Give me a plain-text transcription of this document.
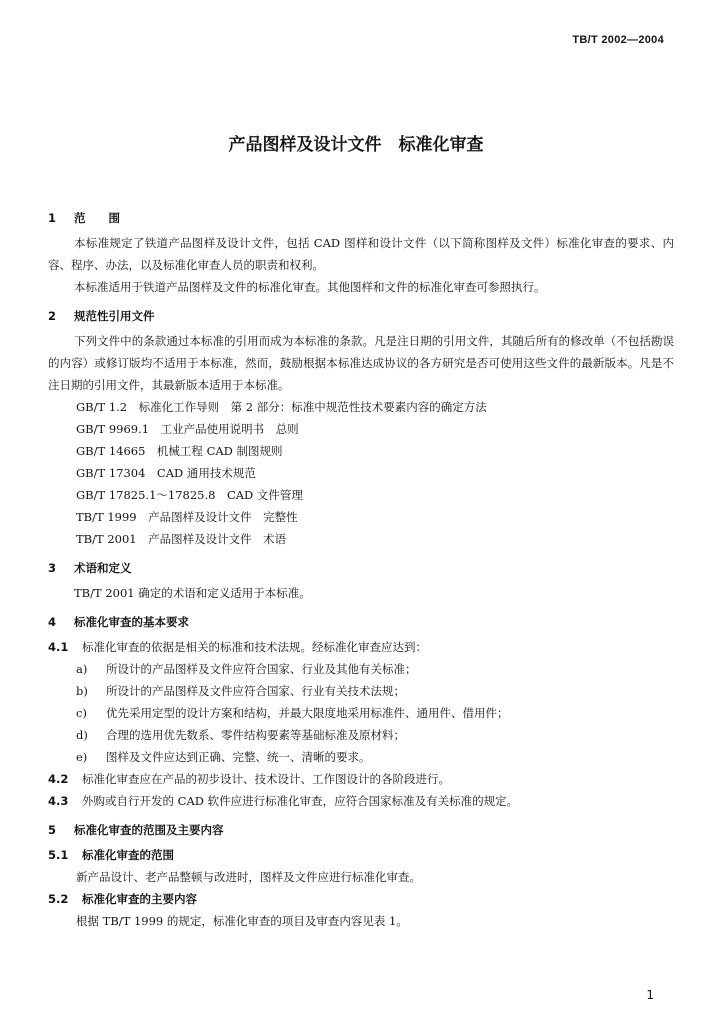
TB/T 2002—2004
产品图样及设计文件　标准化审查
1 范　　围

本标准规定了铁道产品图样及设计文件，包括 CAD 图样和设计文件（以下简称图样及文件）标准化审查的要求、内容、程序、办法，以及标准化审查人员的职责和权利。

本标准适用于铁道产品图样及文件的标准化审查。其他图样和文件的标准化审查可参照执行。

2 规范性引用文件

下列文件中的条款通过本标准的引用而成为本标准的条款。凡是注日期的引用文件，其随后所有的修改单（不包括勘误的内容）或修订版均不适用于本标准，然而，鼓励根据本标准达成协议的各方研究是否可使用这些文件的最新版本。凡是不注日期的引用文件，其最新版本适用于本标准。

GB/T 1.2　标准化工作导则　第 2 部分：标准中规范性技术要素内容的确定方法
GB/T 9969.1　工业产品使用说明书　总则
GB/T 14665　机械工程 CAD 制图规则
GB/T 17304　CAD 通用技术规范
GB/T 17825.1～17825.8　CAD 文件管理
TB/T 1999　产品图样及设计文件　完整性
TB/T 2001　产品图样及设计文件　术语
3 术语和定义

TB/T 2001 确定的术语和定义适用于本标准。

4 标准化审查的基本要求
4.1 标准化审查的依据是相关的标准和技术法规。经标准化审查应达到：
a) 所设计的产品图样及文件应符合国家、行业及其他有关标准；
b) 所设计的产品图样及文件应符合国家、行业有关技术法规；
c) 优先采用定型的设计方案和结构，并最大限度地采用标准件、通用件、借用件；
d) 合理的选用优先数系、零件结构要素等基础标准及原材料；
e) 图样及文件应达到正确、完整、统一、清晰的要求。
4.2 标准化审查应在产品的初步设计、技术设计、工作图设计的各阶段进行。
4.3 外购或自行开发的 CAD 软件应进行标准化审查，应符合国家标准及有关标准的规定。
5 标准化审查的范围及主要内容
5.1 标准化审查的范围
新产品设计、老产品整顿与改进时，图样及文件应进行标准化审查。
5.2 标准化审查的主要内容
根据 TB/T 1999 的规定，标准化审查的项目及审查内容见表 1。
1
